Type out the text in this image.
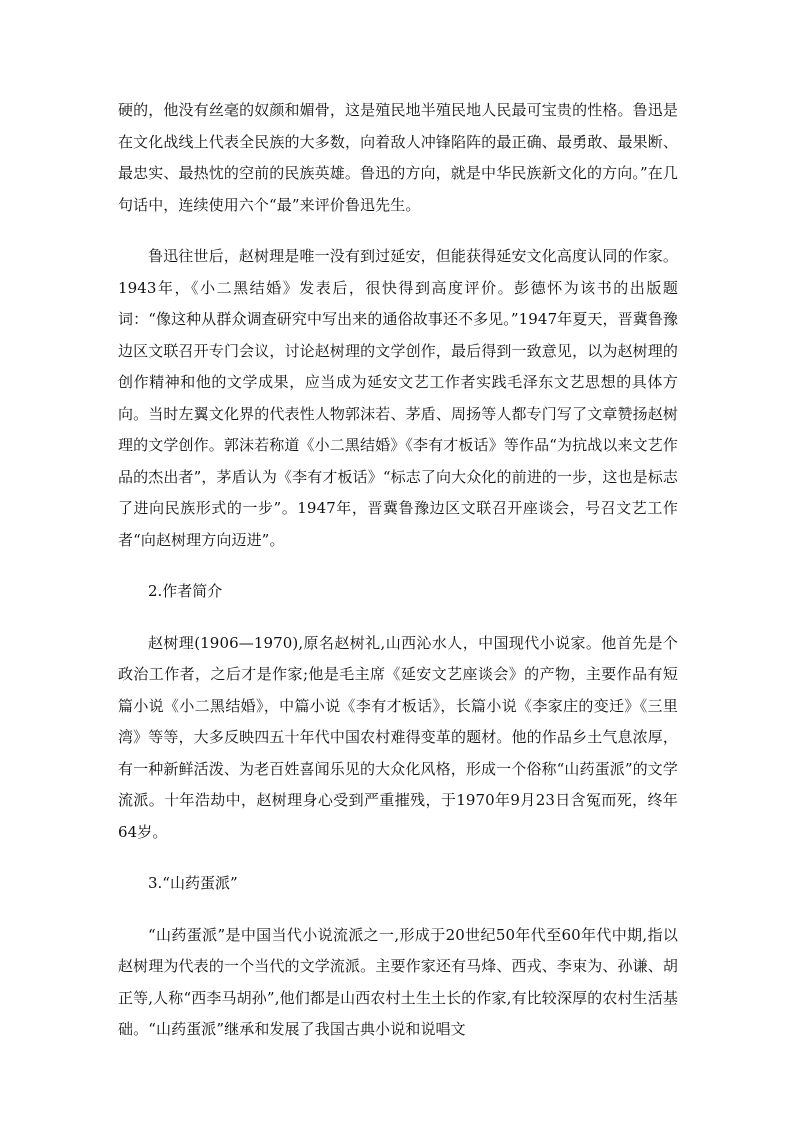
硬的，他没有丝毫的奴颜和媚骨，这是殖民地半殖民地人民最可宝贵的性格。鲁迅是在文化战线上代表全民族的大多数，向着敌人冲锋陷阵的最正确、最勇敢、最果断、最忠实、最热忱的空前的民族英雄。鲁迅的方向，就是中华民族新文化的方向。”在几句话中，连续使用六个“最”来评价鲁迅先生。

鲁迅往世后，赵树理是唯一没有到过延安，但能获得延安文化高度认同的作家。1943年，《小二黑结婚》发表后，很快得到高度评价。彭德怀为该书的出版题词：“像这种从群众调查研究中写出来的通俗故事还不多见。”1947年夏天，晋冀鲁豫边区文联召开专门会议，讨论赵树理的文学创作，最后得到一致意见，以为赵树理的创作精神和他的文学成果，应当成为延安文艺工作者实践毛泽东文艺思想的具体方向。当时左翼文化界的代表性人物郭沫若、茅盾、周扬等人都专门写了文章赞扬赵树理的文学创作。郭沫若称道《小二黑结婚》《李有才板话》等作品“为抗战以来文艺作品的杰出者”，茅盾认为《李有才板话》“标志了向大众化的前进的一步，这也是标志了进向民族形式的一步”。1947年，晋冀鲁豫边区文联召开座谈会，号召文艺工作者“向赵树理方向迈进”。

2.作者简介

赵树理(1906—1970),原名赵树礼,山西沁水人，中国现代小说家。他首先是个政治工作者，之后才是作家;他是毛主席《延安文艺座谈会》的产物，主要作品有短篇小说《小二黑结婚》，中篇小说《李有才板话》，长篇小说《李家庄的变迁》《三里湾》等等，大多反映四五十年代中国农村难得变革的题材。他的作品乡土气息浓厚，有一种新鲜活泼、为老百姓喜闻乐见的大众化风格，形成一个俗称“山药蛋派”的文学流派。十年浩劫中，赵树理身心受到严重摧残，于1970年9月23日含冤而死，终年64岁。

3.“山药蛋派”

“山药蛋派”是中国当代小说流派之一,形成于20世纪50年代至60年代中期,指以赵树理为代表的一个当代的文学流派。主要作家还有马烽、西戎、李束为、孙谦、胡正等,人称“西李马胡孙”,他们都是山西农村土生土长的作家,有比较深厚的农村生活基础。“山药蛋派”继承和发展了我国古典小说和说唱文
